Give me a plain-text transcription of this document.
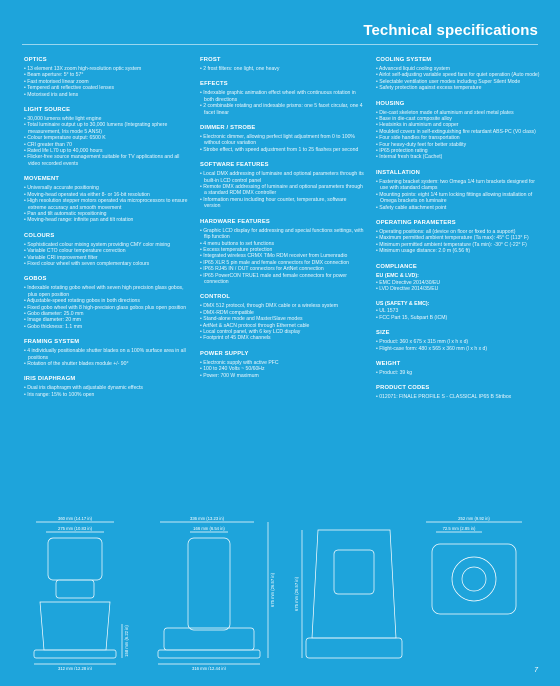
Technical specifications
OPTICS
• 13 element 13X zoom high-resolution optic system
• Beam aperture: 5° to 57°
• Fast motorised linear zoom
• Tempered anti reflective coated lenses
• Motorised iris and lens
LIGHT SOURCE
• 30,000 lumens white light engine
• Total luminaire output up to 30,000 lumens (Integrating sphere measurement, Iris mode 5 ANSI)
• Colour temperature output: 6500 K
• CRI greater than 70
• Rated life L70 up to 40,000 hours
• Flicker-free source management suitable for TV applications and all video recorded events
MOVEMENT
• Universally accurate positioning
• Moving-head operated via either 8- or 16-bit resolution
• High resolution stepper motors operated via microprocessors to ensure extreme accuracy and smooth movement
• Pan and tilt automatic repositioning
• Moving-head range: infinite pan and tilt rotation
COLOURS
• Sophisticated colour mixing system providing CMY color mixing
• Variable CTO colour temperature correction
• Variable CRI improvement filter
• Fixed colour wheel with seven complementary colours
GOBOS
• Indexable rotating gobo wheel with seven high precision glass gobos, plus open position
• Adjustable-speed rotating gobos in both directions
• Fixed gobo wheel with 8 high-precision glass gobos plus open position
• Gobo diameter: 25.0 mm
• Image diameter: 20 mm
• Gobo thickness: 1.1 mm
FRAMING SYSTEM
• 4 individually positionable shutter blades on a 100% surface area in all positions
• Rotation of the shutter blades module +/- 90°
IRIS DIAPHRAGM
• Dual iris diaphragm with adjustable dynamic effects
• Iris range: 15% to 100% open
FROST
• 2 frost filters: one light, one heavy
EFFECTS
• Indexable graphic animation effect wheel with continuous rotation in both directions
• 2 combinable rotating and indexable prisms: one 5 facet circular, one 4 facet linear
DIMMER / STROBE
• Electronic dimmer, allowing perfect light adjustment from 0 to 100% without colour variation
• Strobe effect, with speed adjustment from 1 to 25 flashes per second
SOFTWARE FEATURES
• Local DMX addressing of luminaire and optional parameters through its built-in LCD control panel
• Remote DMX addressing of luminaire and optional parameters through a standard RDM DMX controller
• Information menu including hour counter, temperature, software version
HARDWARE FEATURES
• Graphic LCD display for addressing and special functions settings, with flip function
• 4 menu buttons to set functions
• Excess temperature protection
• Integrated wireless CRMX TiMo RDM receiver from Lumenradio
• IP65 XLR 5 pin male and female connectors for DMX connection
• IP65 RJ45 IN / OUT connectors for ArtNet connection
• IP65 PowerCON TRUE1 male and female connectors for power connection
CONTROL
• DMX 512 protocol, through DMX cable or a wireless system
• DMX-RDM compatible
• Stand-alone mode and Master/Slave modes
• ArtNet & sACN protocol through Ethernet cable
• Local control panel, with 6 key LCD display
• Footprint of 45 DMX channels
POWER SUPPLY
• Electronic supply with active PFC
• 100 to 240 Volts ~ 50/60Hz
• Power: 700 W maximum
COOLING SYSTEM
• Advanced liquid cooling system
• Airlot self-adjusting variable speed fans for quiet operation (Auto mode)
• Selectable ventilation user modes including Super Silent Mode
• Safety protection against excess temperature
HOUSING
• Die-cast skeleton made of aluminium and steel metal plates
• Base in die-cast composite alloy
• Heatsinks in aluminium and copper
• Moulded covers in self-extinguishing fire retardant ABS-PC (V0 class)
• Four side handles for transportation
• Four heavy-duty feet for better stability
• IP65 protection rating
• Internal fresh track (Cachet)
INSTALLATION
• Fastening bracket system: two Omega 1/4 turn brackets designed for use with standard clamps
• Mounting points: eight 1/4 turn locking fittings allowing installation of Omega brackets on luminaire
• Safety cable attachment point
OPERATING PARAMETERS
• Operating positions: all (device on floor or fixed to a support)
• Maximum permitted ambient temperature (Ta max): 45° C (113° F)
• Minimum permitted ambient temperature (Ta min): -30° C (-22° F)
• Minimum usage distance: 2.0 m (6.56 ft)
COMPLIANCE
EU (EMC & LVD):
• EMC Directive 2014/30/EU
• LVD Directive 2014/35/EU
US (SAFETY & EMC):
• UL 1573
• FCC Part 15, Subpart B (ICM)
SIZE
• Product: 360 x 675 x 315 mm (l x h x d)
• Flight-case form: 480 x 565 x 360 mm (l x h x d)
WEIGHT
• Product: 39 kg
PRODUCT CODES
• 012071: FINALE PROFILE S - CLASSICAL IP65 B Stribox
360 mm (14.17 in)
275 mm (10.83 in)
312 mm (12.28 in)
158 mm (6.22 in)
336 mm (13.23 in)
166 mm (6.54 in)
316 mm (12.44 in)
675 mm (26.57 in)	675 mm (26.57 in)
252 mm (9.92 in)
72.5 mm (2.85 in)
7
